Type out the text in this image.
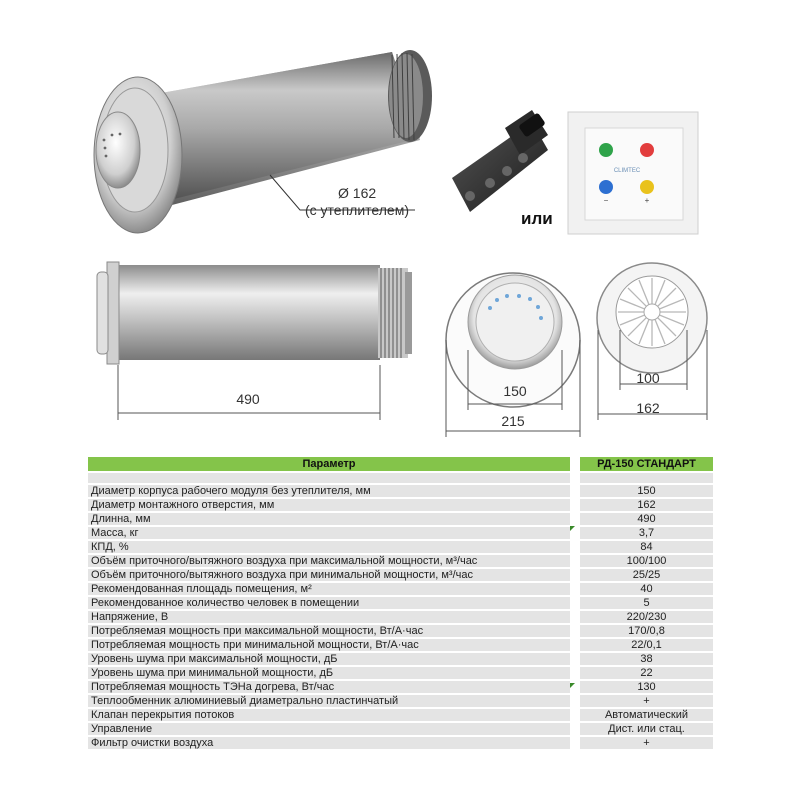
Ø 162
(с утеплителем)
CLIMTEC
−	+
490	150
215
100
162
или
Параметр	РД-150 СТАНДАРТ

Диаметр корпуса рабочего модуля без утеплителя, мм	150
Диаметр монтажного отверстия, мм	162
Длинна, мм	490
Масса, кг	3,7
КПД, %	84
Объём приточного/вытяжного воздуха при максимальной мощности, м³/час	100/100
Объём приточного/вытяжного воздуха при минимальной мощности, м³/час	25/25
Рекомендованная площадь помещения, м²	40
Рекомендованное количество человек в помещении	5
Напряжение, В	220/230
Потребляемая мощность при максимальной мощности, Вт/А·час	170/0,8
Потребляемая мощность при минимальной мощности, Вт/А·час	22/0,1
Уровень шума при максимальной мощности, дБ	38
Уровень шума при минимальной мощности, дБ	22
Потребляемая мощность ТЭНа догрева, Вт/час	130
Теплообменник алюминиевый диаметрально пластинчатый	+
Клапан перекрытия потоков	Автоматический
Управление	Дист. или стац.
Фильтр очистки воздуха	+
